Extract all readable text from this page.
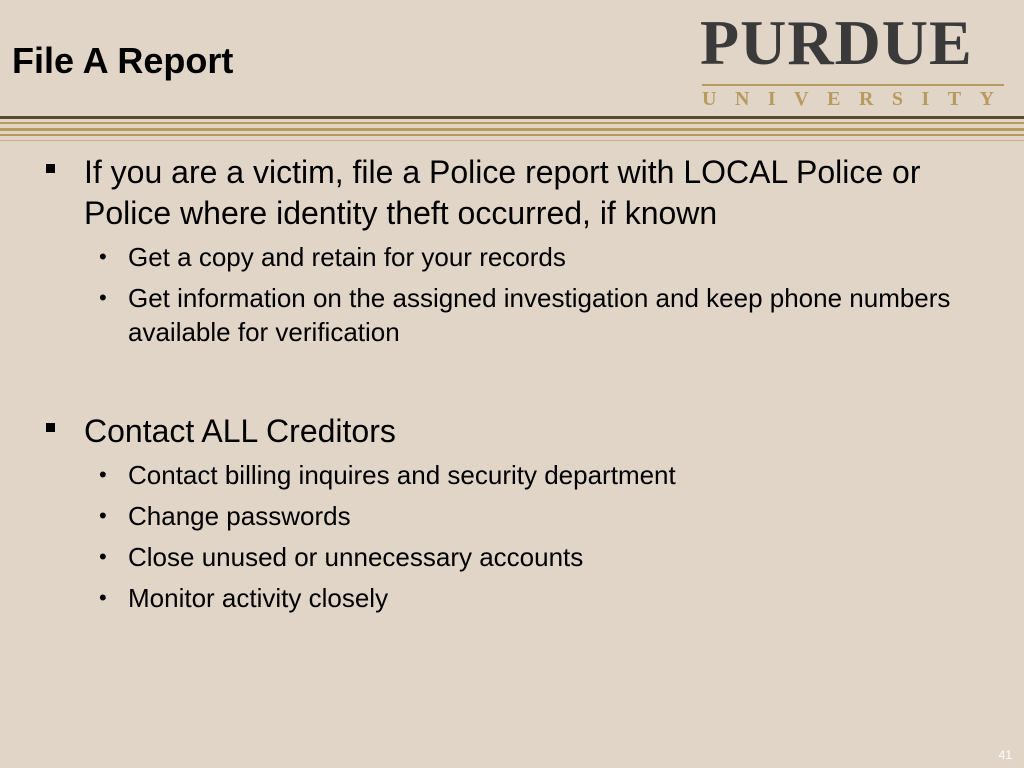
File A Report	PURDUE
UNIVERSITY
If you are a victim, file a Police report with LOCAL Police or Police where identity theft occurred, if known
• Get a copy and retain for your records
• Get information on the assigned investigation and keep phone numbers available for verification
Contact ALL Creditors
• Contact billing inquires and security department
• Change passwords
• Close unused or unnecessary accounts
• Monitor activity closely
41
